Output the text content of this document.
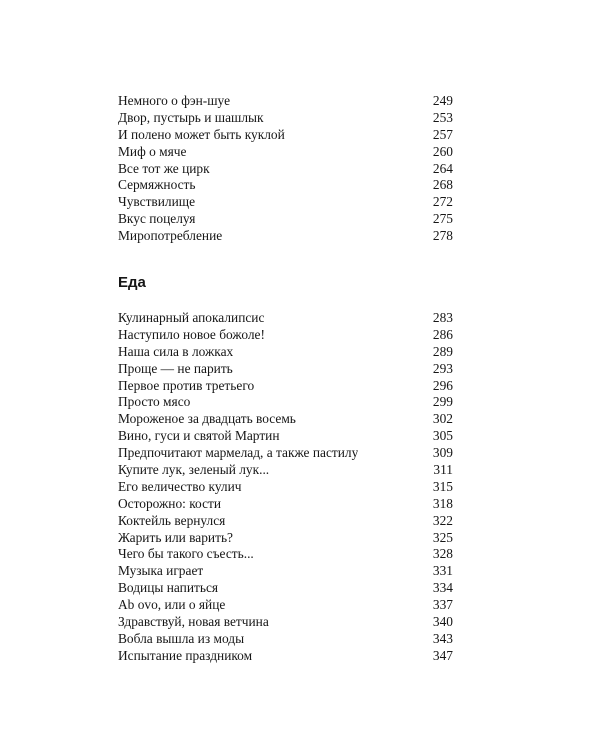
Немного о фэн-шуе	249
Двор, пустырь и шашлык	253
И полено может быть куклой	257
Миф о мяче	260
Все тот же цирк	264
Сермяжность	268
Чувствилище	272
Вкус поцелуя	275
Миропотребление	278
Еда
Кулинарный апокалипсис	283
Наступило новое божоле!	286
Наша сила в ложках	289
Проще — не парить	293
Первое против третьего	296
Просто мясо	299
Мороженое за двадцать восемь	302
Вино, гуси и святой Мартин	305
Предпочитают мармелад, а также пастилу	309
Купите лук, зеленый лук...	311
Его величество кулич	315
Осторожно: кости	318
Коктейль вернулся	322
Жарить или варить?	325
Чего бы такого съесть...	328
Музыка играет	331
Водицы напиться	334
Ab ovo, или о яйце	337
Здравствуй, новая ветчина	340
Вобла вышла из моды	343
Испытание праздником	347
